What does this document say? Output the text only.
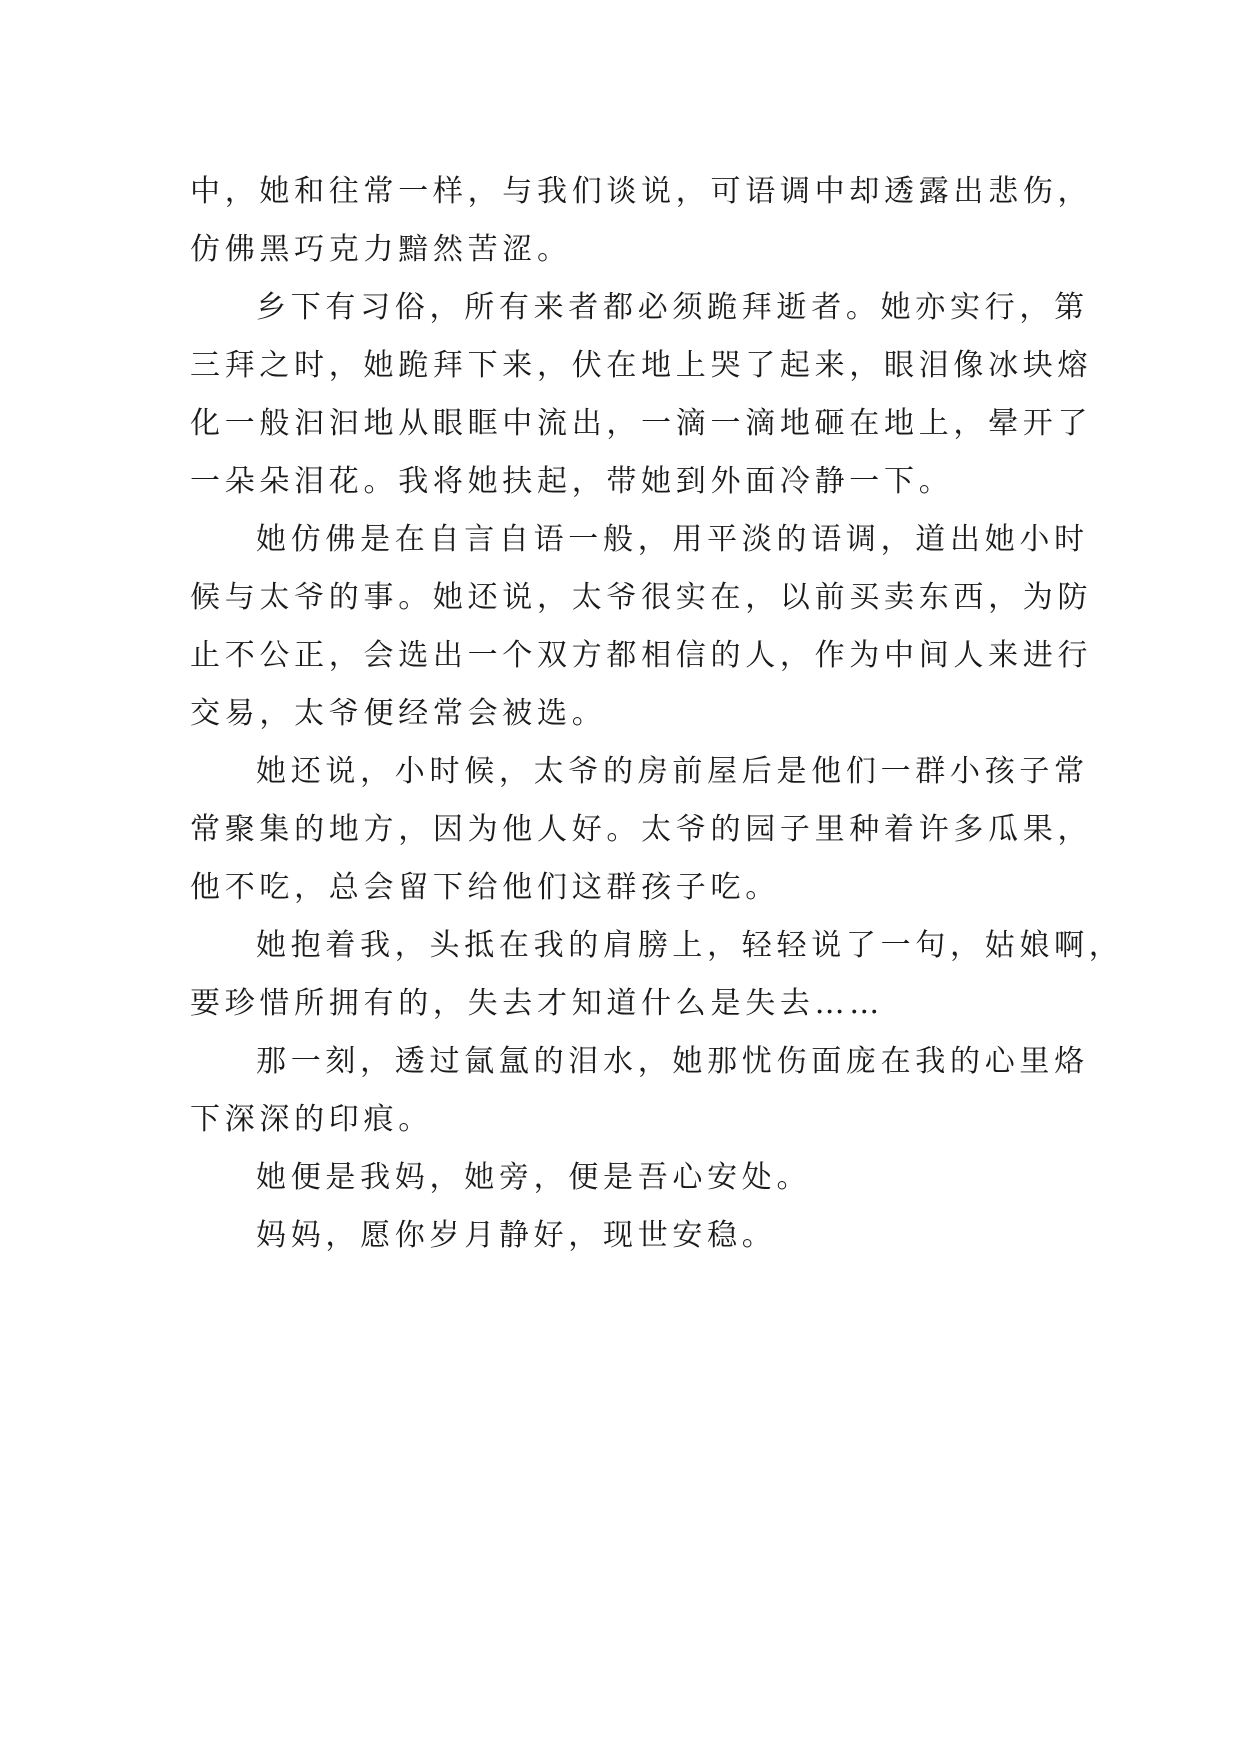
中，她和往常一样，与我们谈说，可语调中却透露出悲伤，
仿佛黑巧克力黯然苦涩。
乡下有习俗，所有来者都必须跪拜逝者。她亦实行，第
三拜之时，她跪拜下来，伏在地上哭了起来，眼泪像冰块熔
化一般汩汩地从眼眶中流出，一滴一滴地砸在地上，晕开了
一朵朵泪花。我将她扶起，带她到外面冷静一下。
她仿佛是在自言自语一般，用平淡的语调，道出她小时
候与太爷的事。她还说，太爷很实在，以前买卖东西，为防
止不公正，会选出一个双方都相信的人，作为中间人来进行
交易，太爷便经常会被选。
她还说，小时候，太爷的房前屋后是他们一群小孩子常
常聚集的地方，因为他人好。太爷的园子里种着许多瓜果，
他不吃，总会留下给他们这群孩子吃。
她抱着我，头抵在我的肩膀上，轻轻说了一句，姑娘啊，
要珍惜所拥有的，失去才知道什么是失去……
那一刻，透过氤氲的泪水，她那忧伤面庞在我的心里烙
下深深的印痕。
她便是我妈，她旁，便是吾心安处。
妈妈，愿你岁月静好，现世安稳。
